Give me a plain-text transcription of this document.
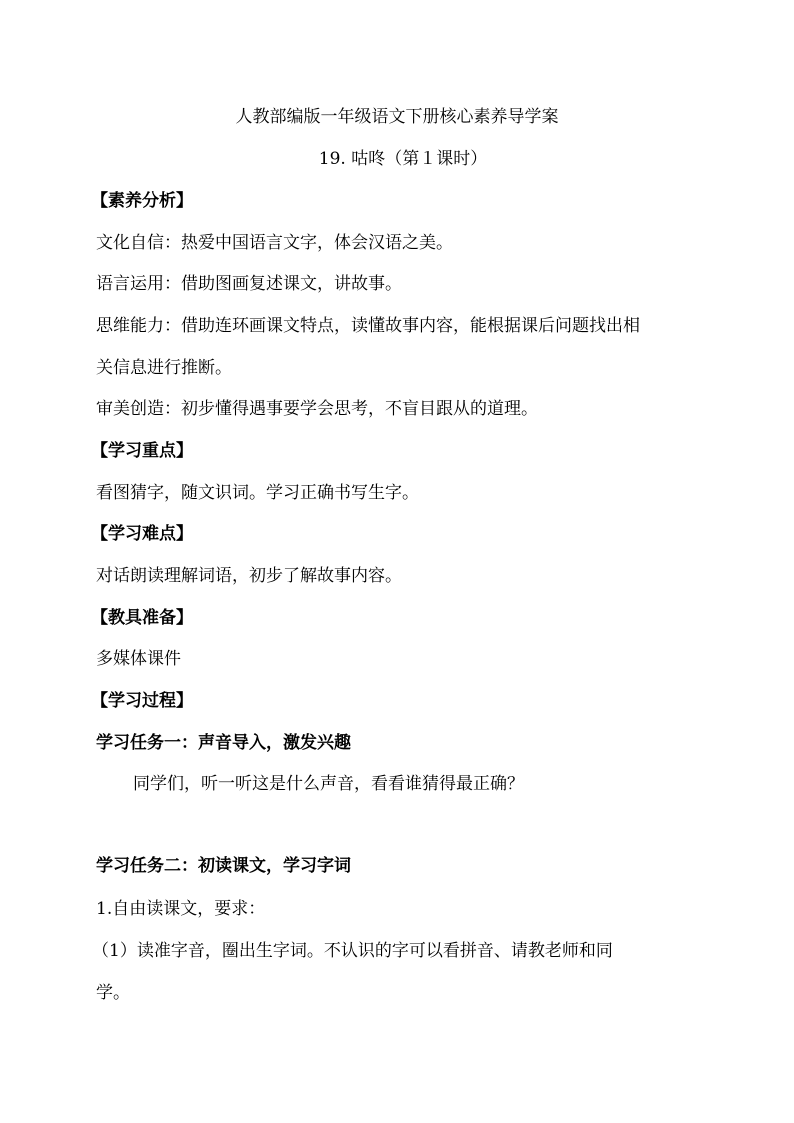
人教部编版一年级语文下册核心素养导学案
19. 咕咚（第１课时）
【素养分析】
文化自信：热爱中国语言文字，体会汉语之美。
语言运用：借助图画复述课文，讲故事。
思维能力：借助连环画课文特点，读懂故事内容，能根据课后问题找出相
关信息进行推断。
审美创造：初步懂得遇事要学会思考，不盲目跟从的道理。
【学习重点】
看图猜字，随文识词。学习正确书写生字。
【学习难点】
对话朗读理解词语，初步了解故事内容。
【教具准备】
多媒体课件
【学习过程】
学习任务一：声音导入，激发兴趣
同学们，听一听这是什么声音，看看谁猜得最正确？
学习任务二：初读课文，学习字词
1.自由读课文，要求：
（1）读准字音，圈出生字词。不认识的字可以看拼音、请教老师和同
学。
